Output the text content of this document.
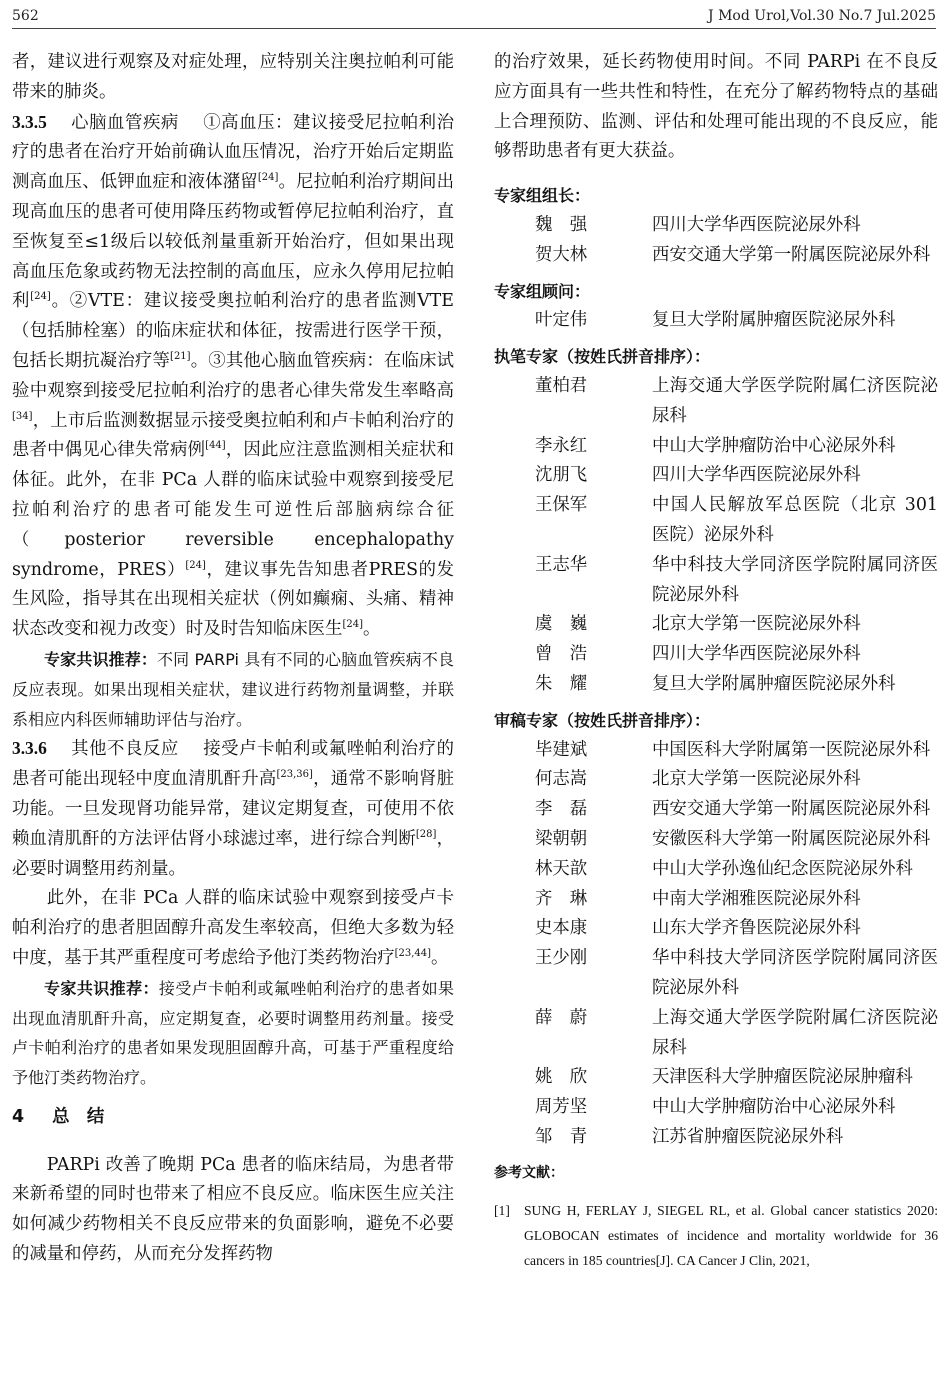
562	J Mod Urol,Vol.30 No.7 Jul.2025

者，建议进行观察及对症处理，应特别关注奥拉帕利可能带来的肺炎。

3.3.5 心脑血管疾病 ①高血压：建议接受尼拉帕利治疗的患者在治疗开始前确认血压情况，治疗开始后定期监测高血压、低钾血症和液体潴留[24]。尼拉帕利治疗期间出现高血压的患者可使用降压药物或暂停尼拉帕利治疗，直至恢复至≤1级后以较低剂量重新开始治疗，但如果出现高血压危象或药物无法控制的高血压，应永久停用尼拉帕利[24]。②VTE：建议接受奥拉帕利治疗的患者监测VTE（包括肺栓塞）的临床症状和体征，按需进行医学干预，包括长期抗凝治疗等[21]。③其他心脑血管疾病：在临床试验中观察到接受尼拉帕利治疗的患者心律失常发生率略高[34]，上市后监测数据显示接受奥拉帕利和卢卡帕利治疗的患者中偶见心律失常病例[44]，因此应注意监测相关症状和体征。此外，在非 PCa 人群的临床试验中观察到接受尼拉帕利治疗的患者可能发生可逆性后部脑病综合征（posterior reversible encephalopathy syndrome，PRES）[24]，建议事先告知患者PRES的发生风险，指导其在出现相关症状（例如癫痫、头痛、精神状态改变和视力改变）时及时告知临床医生[24]。

专家共识推荐：不同 PARPi 具有不同的心脑血管疾病不良反应表现。如果出现相关症状，建议进行药物剂量调整，并联系相应内科医师辅助评估与治疗。

3.3.6 其他不良反应 接受卢卡帕利或氟唑帕利治疗的患者可能出现轻中度血清肌酐升高[23,36]，通常不影响肾脏功能。一旦发现肾功能异常，建议定期复查，可使用不依赖血清肌酐的方法评估肾小球滤过率，进行综合判断[28]，必要时调整用药剂量。

此外，在非 PCa 人群的临床试验中观察到接受卢卡帕利治疗的患者胆固醇升高发生率较高，但绝大多数为轻中度，基于其严重程度可考虑给予他汀类药物治疗[23,44]。

专家共识推荐：接受卢卡帕利或氟唑帕利治疗的患者如果出现血清肌酐升高，应定期复查，必要时调整用药剂量。接受卢卡帕利治疗的患者如果发现胆固醇升高，可基于严重程度给予他汀类药物治疗。

4 总　结

PARPi 改善了晚期 PCa 患者的临床结局，为患者带来新希望的同时也带来了相应不良反应。临床医生应关注如何减少药物相关不良反应带来的负面影响，避免不必要的减量和停药，从而充分发挥药物

的治疗效果，延长药物使用时间。不同 PARPi 在不良反应方面具有一些共性和特性，在充分了解药物特点的基础上合理预防、监测、评估和处理可能出现的不良反应，能够帮助患者有更大获益。

专家组组长：

魏　强	四川大学华西医院泌尿外科
贺大林	西安交通大学第一附属医院泌尿外科

专家组顾问：

叶定伟	复旦大学附属肿瘤医院泌尿外科

执笔专家（按姓氏拼音排序）：

董柏君	上海交通大学医学院附属仁济医院泌尿科
李永红	中山大学肿瘤防治中心泌尿外科
沈朋飞	四川大学华西医院泌尿外科
王保军	中国人民解放军总医院（北京 301 医院）泌尿外科
王志华	华中科技大学同济医学院附属同济医院泌尿外科
虞　巍	北京大学第一医院泌尿外科
曾　浩	四川大学华西医院泌尿外科
朱　耀	复旦大学附属肿瘤医院泌尿外科

审稿专家（按姓氏拼音排序）：

毕建斌	中国医科大学附属第一医院泌尿外科
何志嵩	北京大学第一医院泌尿外科
李　磊	西安交通大学第一附属医院泌尿外科
梁朝朝	安徽医科大学第一附属医院泌尿外科
林天歆	中山大学孙逸仙纪念医院泌尿外科
齐　琳	中南大学湘雅医院泌尿外科
史本康	山东大学齐鲁医院泌尿外科
王少刚	华中科技大学同济医学院附属同济医院泌尿外科
薛　蔚	上海交通大学医学院附属仁济医院泌尿科
姚　欣	天津医科大学肿瘤医院泌尿肿瘤科
周芳坚	中山大学肿瘤防治中心泌尿外科
邹　青	江苏省肿瘤医院泌尿外科

参考文献：

[1]	SUNG H, FERLAY J, SIEGEL RL, et al. Global cancer statistics 2020: GLOBOCAN estimates of incidence and mortality worldwide for 36 cancers in 185 countries[J]. CA Cancer J Clin, 2021,
